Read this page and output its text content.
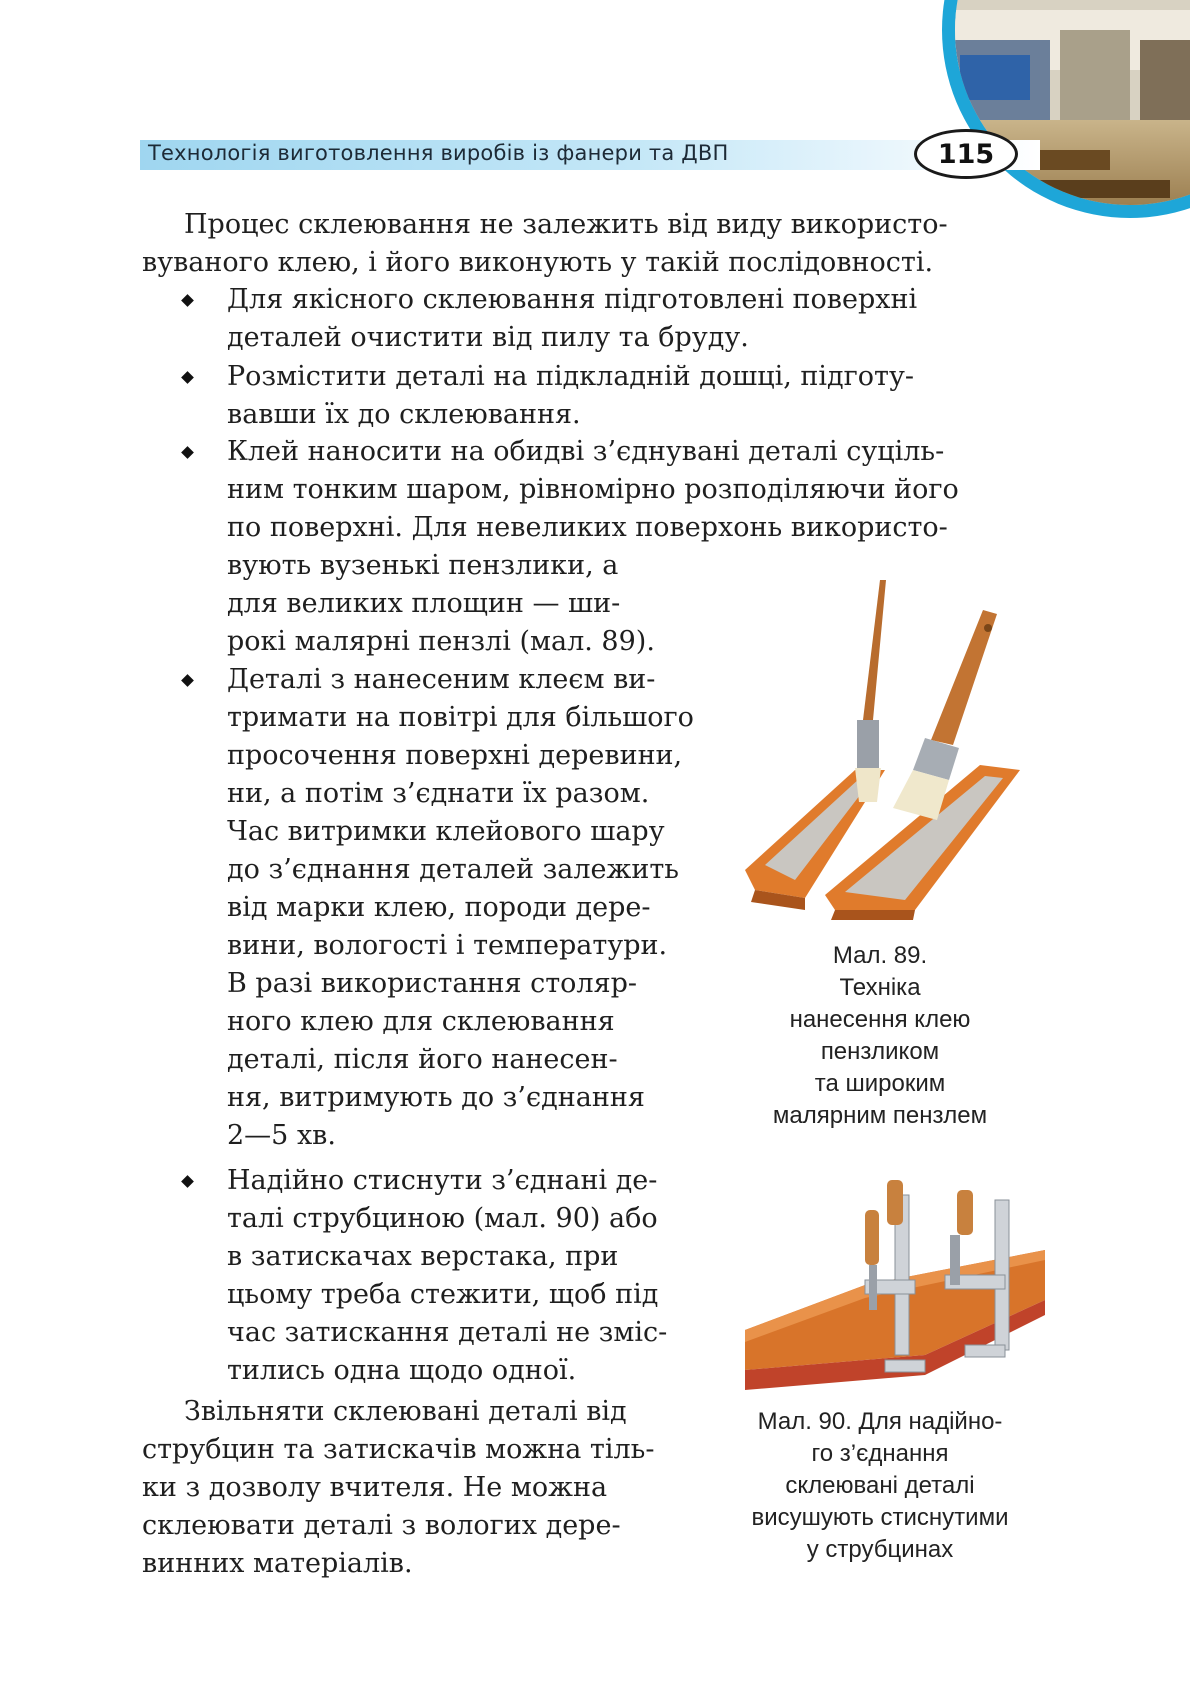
Технологія виготовлення виробів із фанери та ДВП	115
Процес склеювання не залежить від виду використо-
вуваного клею, і його виконують у такій послідовності.
Для якісного склеювання підготовлені поверхні
деталей очистити від пилу та бруду.
Розмістити деталі на підкладній дошці, підготу-
вавши їх до склеювання.
Клей наносити на обидві з’єднувані деталі суціль-
ним тонким шаром, рівномірно розподіляючи його
по поверхні. Для невеликих поверхонь використо-
вують вузенькі пензлики, а
для великих площин — ши-
рокі малярні пензлі (мал. 89).
Деталі з нанесеним клеєм ви-
тримати на повітрі для більшого
просочення поверхні деревини,
ни, а потім з’єднати їх разом.
Час витримки клейового шару
до з’єднання деталей залежить
від марки клею, породи дере-
вини, вологості і температури.
В разі використання столяр-
ного клею для склеювання
деталі, після його нанесен-
ня, витримують до з’єднання
2—5 хв.
Надійно стиснути з’єднані де-
талі струбциною (мал. 90) або
в затискачах верстака, при
цьому треба стежити, щоб під
час затискання деталі не зміс-
тились одна щодо одної.
Звільняти склеювані деталі від
струбцин та затискачів можна тіль-
ки з дозволу вчителя. Не можна
склеювати деталі з вологих дере-
винних матеріалів.
Мал. 89.
Техніка
нанесення клею
пензликом
та широким
малярним пензлем
Мал. 90. Для надійно-
го з’єднання
склеювані деталі
висушують стиснутими
у струбцинах
